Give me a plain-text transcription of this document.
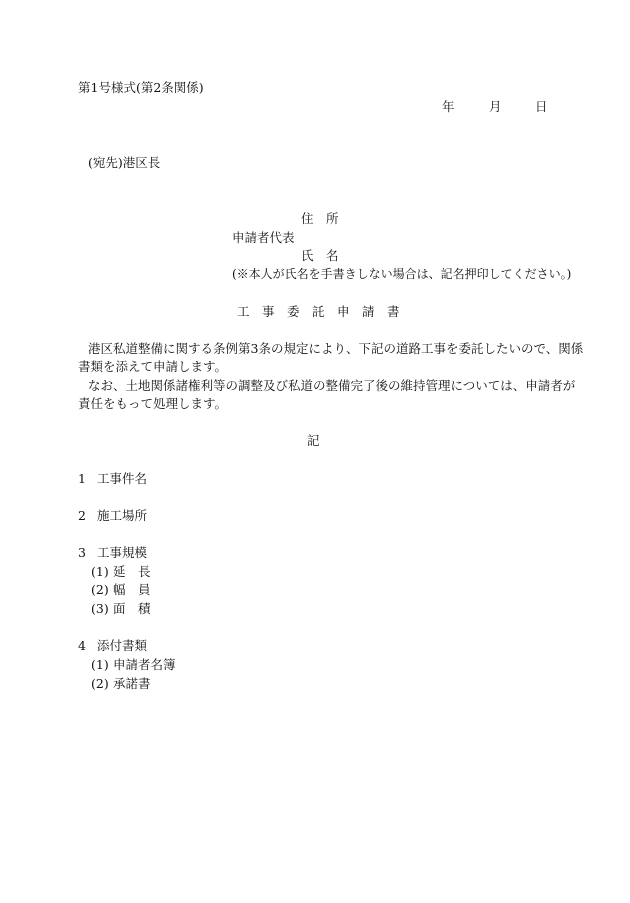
第1号様式(第2条関係)
年	月	日
(宛先)港区長
住　所
申請者代表
氏　名
(※本人が氏名を手書きしない場合は、記名押印してください。)
工　事　委　託　申　請　書
港区私道整備に関する条例第3条の規定により、下記の道路工事を委託したいので、関係
書類を添えて申請します。
なお、土地関係諸権利等の調整及び私道の整備完了後の維持管理については、申請者が
責任をもって処理します。
記
1 工事件名
2 施工場所
3 工事規模
(1) 延　長
(2) 幅　員
(3) 面　積
4 添付書類
(1) 申請者名簿
(2) 承諾書
